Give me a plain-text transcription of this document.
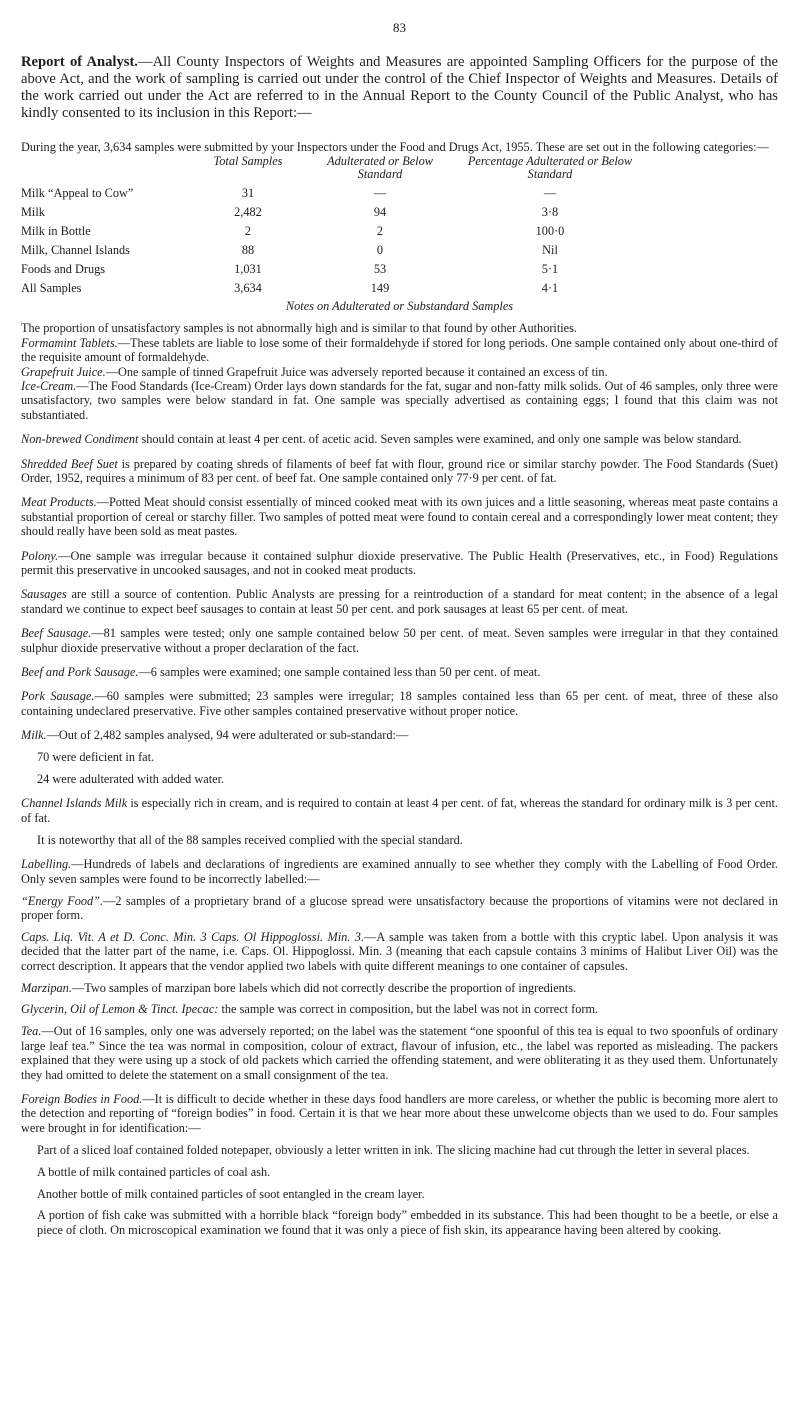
83

Report of Analyst.—All County Inspectors of Weights and Measures are appointed Sampling Officers for the purpose of the above Act, and the work of sampling is carried out under the control of the Chief Inspector of Weights and Measures. Details of the work carried out under the Act are referred to in the Annual Report to the County Council of the Public Analyst, who has kindly consented to its inclusion in this Report:—

During the year, 3,634 samples were submitted by your Inspectors under the Food and Drugs Act, 1955. These are set out in the following categories:—

	Total Samples	Adulterated or Below Standard	Percentage Adulterated or Below Standard
Milk “Appeal to Cow”	31	—	—
Milk	2,482	94	3·8
Milk in Bottle	2	2	100·0
Milk, Channel Islands	88	0	Nil
Foods and Drugs	1,031	53	5·1
All Samples	3,634	149	4·1
Notes on Adulterated or Substandard Samples

The proportion of unsatisfactory samples is not abnormally high and is similar to that found by other Authorities.

Formamint Tablets.—These tablets are liable to lose some of their formaldehyde if stored for long periods. One sample contained only about one-third of the requisite amount of formaldehyde.

Grapefruit Juice.—One sample of tinned Grapefruit Juice was adversely reported because it contained an excess of tin.

Ice-Cream.—The Food Standards (Ice-Cream) Order lays down standards for the fat, sugar and non-fatty milk solids. Out of 46 samples, only three were unsatisfactory, two samples were below standard in fat. One sample was specially advertised as containing eggs; I found that this claim was not substantiated.

Non-brewed Condiment should contain at least 4 per cent. of acetic acid. Seven samples were examined, and only one sample was below standard.

Shredded Beef Suet is prepared by coating shreds of filaments of beef fat with flour, ground rice or similar starchy powder. The Food Standards (Suet) Order, 1952, requires a minimum of 83 per cent. of beef fat. One sample contained only 77·9 per cent. of fat.

Meat Products.—Potted Meat should consist essentially of minced cooked meat with its own juices and a little seasoning, whereas meat paste contains a substantial proportion of cereal or starchy filler. Two samples of potted meat were found to contain cereal and a correspondingly lower meat content; they should really have been sold as meat pastes.

Polony.—One sample was irregular because it contained sulphur dioxide preservative. The Public Health (Preservatives, etc., in Food) Regulations permit this preservative in uncooked sausages, and not in cooked meat products.

Sausages are still a source of contention. Public Analysts are pressing for a reintroduction of a standard for meat content; in the absence of a legal standard we continue to expect beef sausages to contain at least 50 per cent. and pork sausages at least 65 per cent. of meat.

Beef Sausage.—81 samples were tested; only one sample contained below 50 per cent. of meat. Seven samples were irregular in that they contained sulphur dioxide preservative without a proper declaration of the fact.

Beef and Pork Sausage.—6 samples were examined; one sample contained less than 50 per cent. of meat.

Pork Sausage.—60 samples were submitted; 23 samples were irregular; 18 samples contained less than 65 per cent. of meat, three of these also containing undeclared preservative. Five other samples contained preservative without proper notice.

Milk.—Out of 2,482 samples analysed, 94 were adulterated or sub-standard:—

70 were deficient in fat.

24 were adulterated with added water.

Channel Islands Milk is especially rich in cream, and is required to contain at least 4 per cent. of fat, whereas the standard for ordinary milk is 3 per cent. of fat.

It is noteworthy that all of the 88 samples received complied with the special standard.

Labelling.—Hundreds of labels and declarations of ingredients are examined annually to see whether they comply with the Labelling of Food Order. Only seven samples were found to be incorrectly labelled:—

“Energy Food”.—2 samples of a proprietary brand of a glucose spread were unsatisfactory because the proportions of vitamins were not declared in proper form.

Caps. Liq. Vit. A et D. Conc. Min. 3 Caps. Ol Hippoglossi. Min. 3.—A sample was taken from a bottle with this cryptic label. Upon analysis it was decided that the latter part of the name, i.e. Caps. Ol. Hippoglossi. Min. 3 (meaning that each capsule contains 3 minims of Halibut Liver Oil) was the correct description. It appears that the vendor applied two labels with quite different meanings to one container of capsules.

Marzipan.—Two samples of marzipan bore labels which did not correctly describe the proportion of ingredients.

Glycerin, Oil of Lemon & Tinct. Ipecac: the sample was correct in composition, but the label was not in correct form.

Tea.—Out of 16 samples, only one was adversely reported; on the label was the statement “one spoonful of this tea is equal to two spoonfuls of ordinary large leaf tea.” Since the tea was normal in composition, colour of extract, flavour of infusion, etc., the label was reported as misleading. The packers explained that they were using up a stock of old packets which carried the offending statement, and were obliterating it as they used them. Unfortunately they had omitted to delete the statement on a small consignment of the tea.

Foreign Bodies in Food.—It is difficult to decide whether in these days food handlers are more careless, or whether the public is becoming more alert to the detection and reporting of “foreign bodies” in food. Certain it is that we hear more about these unwelcome objects than we used to do. Four samples were brought in for identification:—

Part of a sliced loaf contained folded notepaper, obviously a letter written in ink. The slicing machine had cut through the letter in several places.

A bottle of milk contained particles of coal ash.

Another bottle of milk contained particles of soot entangled in the cream layer.

A portion of fish cake was submitted with a horrible black “foreign body” embedded in its substance. This had been thought to be a beetle, or else a piece of cloth. On microscopical examination we found that it was only a piece of fish skin, its appearance having been altered by cooking.
